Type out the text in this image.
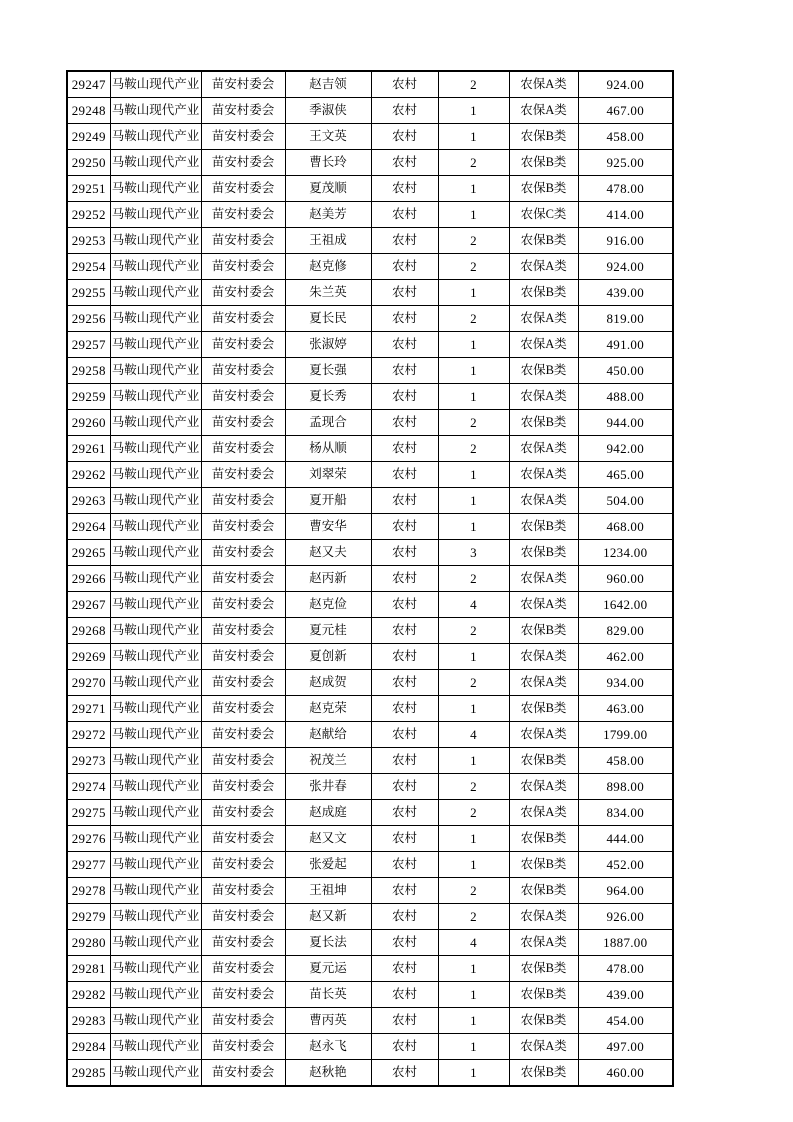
29247	马鞍山现代产业	苗安村委会	赵吉领	农村	2	农保A类	924.00
29248	马鞍山现代产业	苗安村委会	季淑侠	农村	1	农保A类	467.00
29249	马鞍山现代产业	苗安村委会	王文英	农村	1	农保B类	458.00
29250	马鞍山现代产业	苗安村委会	曹长玲	农村	2	农保B类	925.00
29251	马鞍山现代产业	苗安村委会	夏茂顺	农村	1	农保B类	478.00
29252	马鞍山现代产业	苗安村委会	赵美芳	农村	1	农保C类	414.00
29253	马鞍山现代产业	苗安村委会	王祖成	农村	2	农保B类	916.00
29254	马鞍山现代产业	苗安村委会	赵克修	农村	2	农保A类	924.00
29255	马鞍山现代产业	苗安村委会	朱兰英	农村	1	农保B类	439.00
29256	马鞍山现代产业	苗安村委会	夏长民	农村	2	农保A类	819.00
29257	马鞍山现代产业	苗安村委会	张淑婷	农村	1	农保A类	491.00
29258	马鞍山现代产业	苗安村委会	夏长强	农村	1	农保B类	450.00
29259	马鞍山现代产业	苗安村委会	夏长秀	农村	1	农保A类	488.00
29260	马鞍山现代产业	苗安村委会	孟现合	农村	2	农保B类	944.00
29261	马鞍山现代产业	苗安村委会	杨从顺	农村	2	农保A类	942.00
29262	马鞍山现代产业	苗安村委会	刘翠荣	农村	1	农保A类	465.00
29263	马鞍山现代产业	苗安村委会	夏开船	农村	1	农保A类	504.00
29264	马鞍山现代产业	苗安村委会	曹安华	农村	1	农保B类	468.00
29265	马鞍山现代产业	苗安村委会	赵又夫	农村	3	农保B类	1234.00
29266	马鞍山现代产业	苗安村委会	赵丙新	农村	2	农保A类	960.00
29267	马鞍山现代产业	苗安村委会	赵克俭	农村	4	农保A类	1642.00
29268	马鞍山现代产业	苗安村委会	夏元桂	农村	2	农保B类	829.00
29269	马鞍山现代产业	苗安村委会	夏创新	农村	1	农保A类	462.00
29270	马鞍山现代产业	苗安村委会	赵成贺	农村	2	农保A类	934.00
29271	马鞍山现代产业	苗安村委会	赵克荣	农村	1	农保B类	463.00
29272	马鞍山现代产业	苗安村委会	赵献给	农村	4	农保A类	1799.00
29273	马鞍山现代产业	苗安村委会	祝茂兰	农村	1	农保B类	458.00
29274	马鞍山现代产业	苗安村委会	张井春	农村	2	农保A类	898.00
29275	马鞍山现代产业	苗安村委会	赵成庭	农村	2	农保A类	834.00
29276	马鞍山现代产业	苗安村委会	赵又文	农村	1	农保B类	444.00
29277	马鞍山现代产业	苗安村委会	张爱起	农村	1	农保B类	452.00
29278	马鞍山现代产业	苗安村委会	王祖坤	农村	2	农保B类	964.00
29279	马鞍山现代产业	苗安村委会	赵又新	农村	2	农保A类	926.00
29280	马鞍山现代产业	苗安村委会	夏长法	农村	4	农保A类	1887.00
29281	马鞍山现代产业	苗安村委会	夏元运	农村	1	农保B类	478.00
29282	马鞍山现代产业	苗安村委会	苗长英	农村	1	农保B类	439.00
29283	马鞍山现代产业	苗安村委会	曹丙英	农村	1	农保B类	454.00
29284	马鞍山现代产业	苗安村委会	赵永飞	农村	1	农保A类	497.00
29285	马鞍山现代产业	苗安村委会	赵秋艳	农村	1	农保B类	460.00
